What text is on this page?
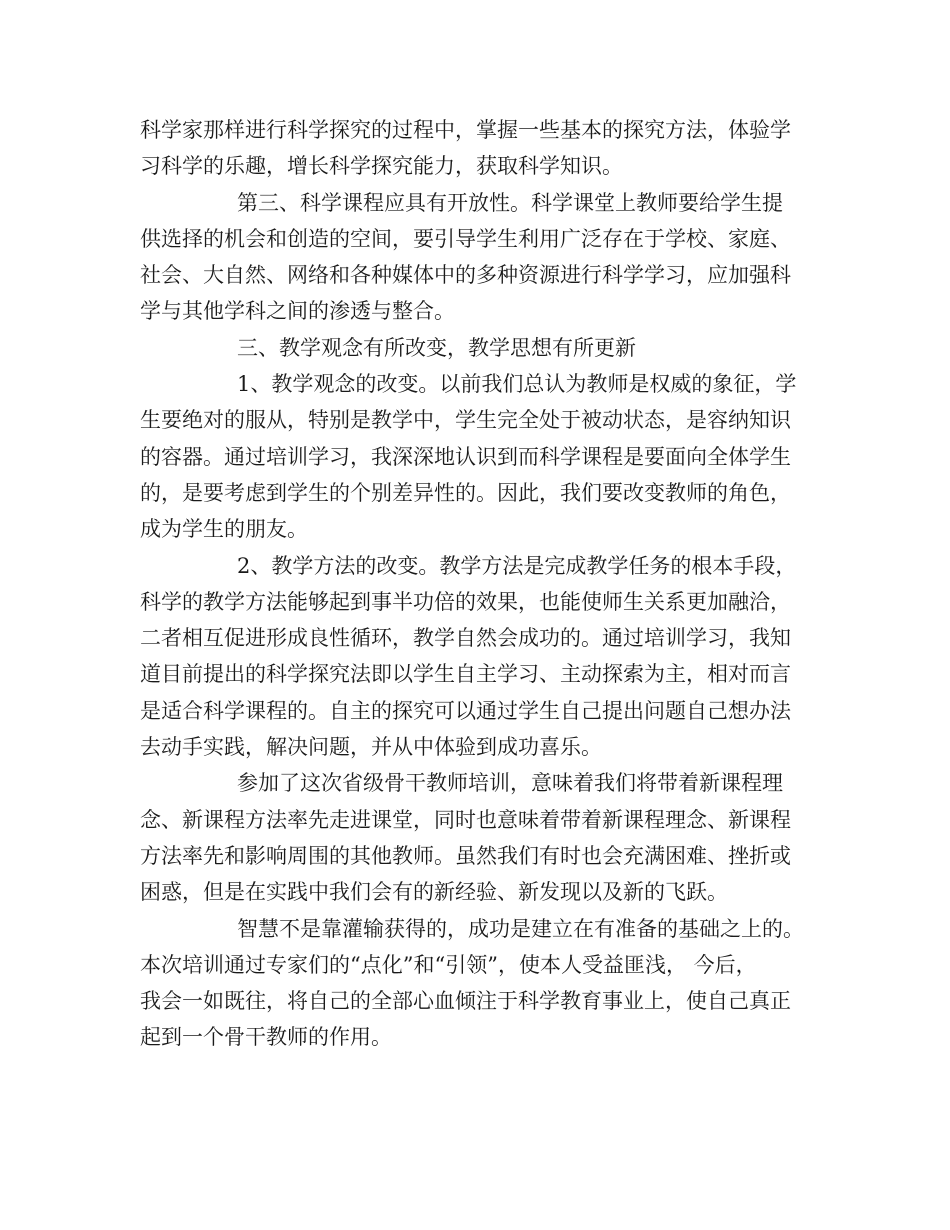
科学家那样进行科学探究的过程中，掌握一些基本的探究方法，体验学
习科学的乐趣，增长科学探究能力，获取科学知识。
第三、科学课程应具有开放性。科学课堂上教师要给学生提
供选择的机会和创造的空间，要引导学生利用广泛存在于学校、家庭、
社会、大自然、网络和各种媒体中的多种资源进行科学学习，应加强科
学与其他学科之间的渗透与整合。
三、教学观念有所改变，教学思想有所更新
1、教学观念的改变。以前我们总认为教师是权威的象征，学
生要绝对的服从，特别是教学中，学生完全处于被动状态，是容纳知识
的容器。通过培训学习，我深深地认识到而科学课程是要面向全体学生
的，是要考虑到学生的个别差异性的。因此，我们要改变教师的角色，
成为学生的朋友。
2、教学方法的改变。教学方法是完成教学任务的根本手段，
科学的教学方法能够起到事半功倍的效果，也能使师生关系更加融洽，
二者相互促进形成良性循环，教学自然会成功的。通过培训学习，我知
道目前提出的科学探究法即以学生自主学习、主动探索为主，相对而言
是适合科学课程的。自主的探究可以通过学生自己提出问题自己想办法
去动手实践，解决问题，并从中体验到成功喜乐。
参加了这次省级骨干教师培训，意味着我们将带着新课程理
念、新课程方法率先走进课堂，同时也意味着带着新课程理念、新课程
方法率先和影响周围的其他教师。虽然我们有时也会充满困难、挫折或
困惑，但是在实践中我们会有的新经验、新发现以及新的飞跃。
智慧不是靠灌输获得的，成功是建立在有准备的基础之上的。
本次培训通过专家们的“点化”和“引领”，使本人受益匪浅， 今后，
我会一如既往，将自己的全部心血倾注于科学教育事业上，使自己真正
起到一个骨干教师的作用。
